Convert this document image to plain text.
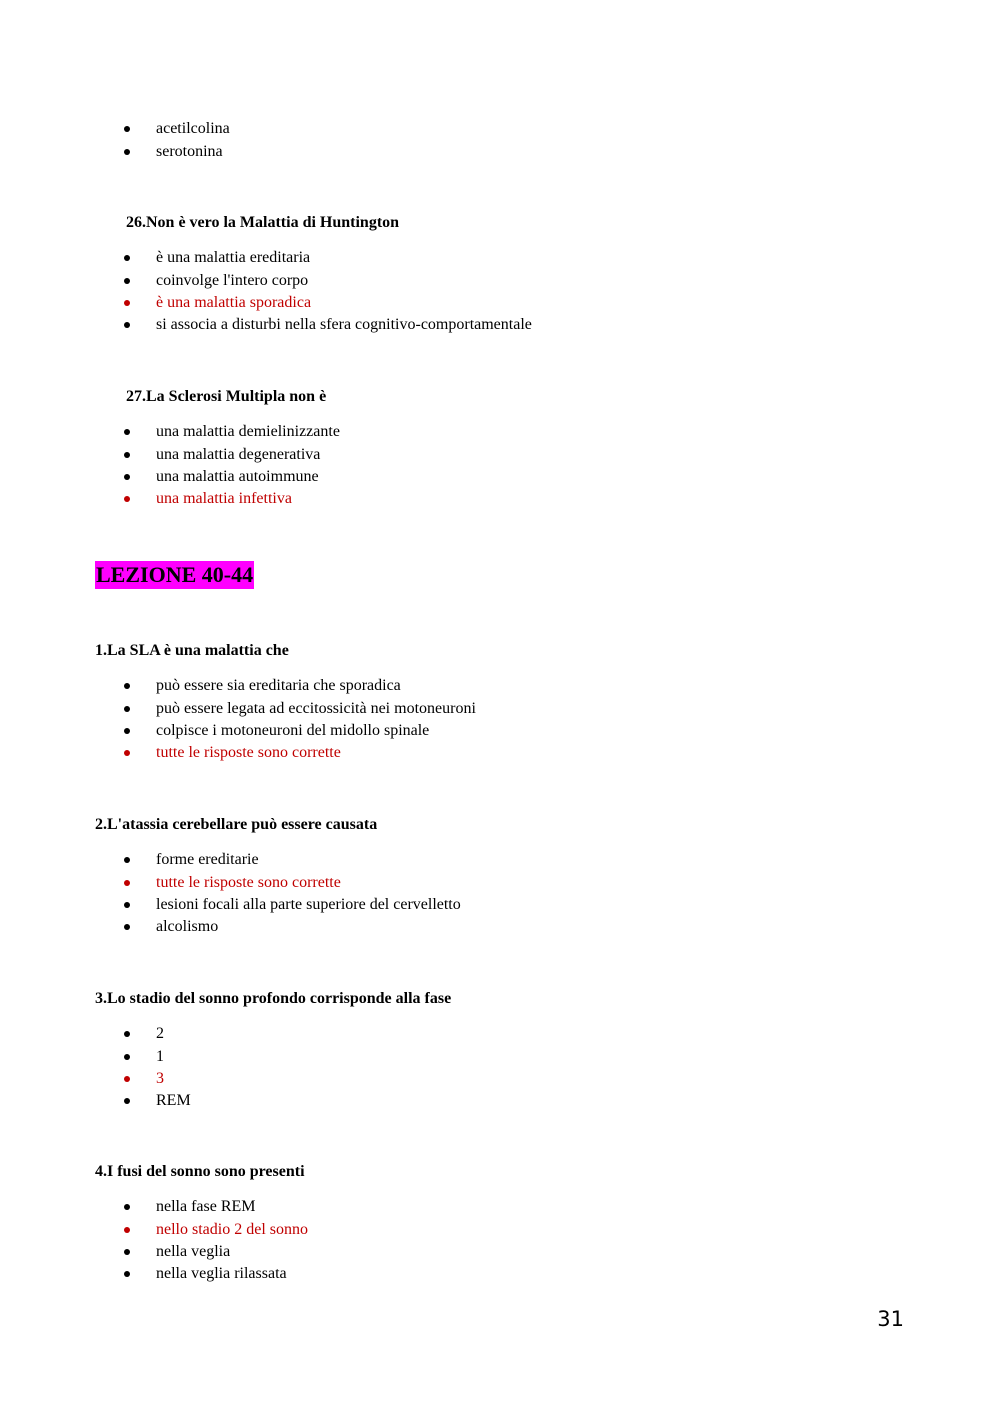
acetilcolina
serotonina
26.Non è vero la Malattia di Huntington
è una malattia ereditaria
coinvolge l'intero corpo
è una malattia sporadica
si associa a disturbi nella sfera cognitivo-comportamentale
27.La Sclerosi Multipla non è
una malattia demielinizzante
una malattia degenerativa
una malattia autoimmune
una malattia infettiva
LEZIONE 40-44
1.La SLA è una malattia che
può essere sia ereditaria che sporadica
può essere legata ad eccitossicità nei motoneuroni
colpisce i motoneuroni del midollo spinale
tutte le risposte sono corrette
2.L'atassia cerebellare può essere causata
forme ereditarie
tutte le risposte sono corrette
lesioni focali alla parte superiore del cervelletto
alcolismo
3.Lo stadio del sonno profondo corrisponde alla fase
2
1
3
REM
4.I fusi del sonno sono presenti
nella fase REM
nello stadio 2 del sonno
nella veglia
nella veglia rilassata
31
